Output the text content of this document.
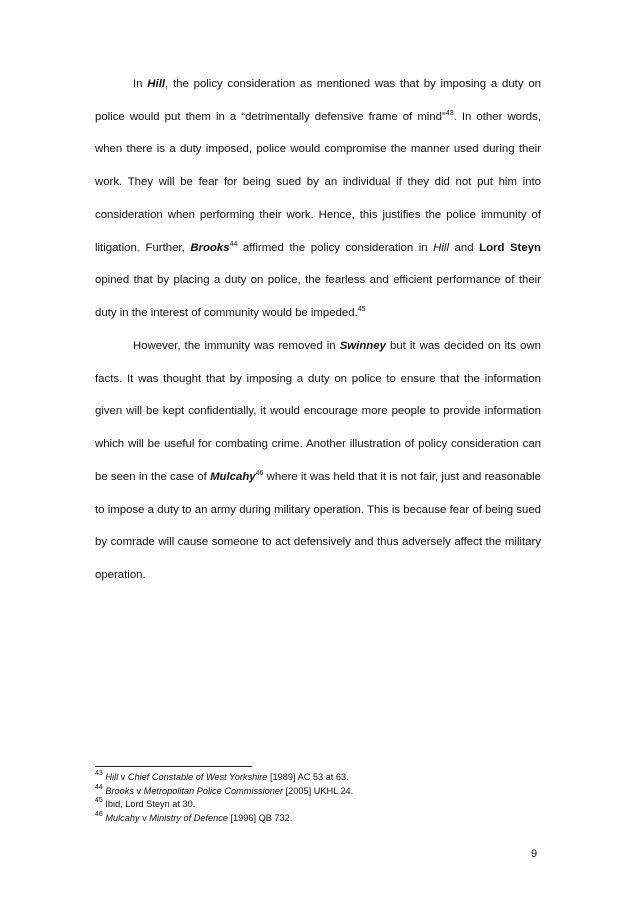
In Hill, the policy consideration as mentioned was that by imposing a duty on police would put them in a “detrimentally defensive frame of mind”$^{43}$. In other words, when there is a duty imposed, police would compromise the manner used during their work. They will be fear for being sued by an individual if they did not put him into consideration when performing their work. Hence, this justifies the police immunity of litigation. Further, Brooks$^{44}$ affirmed the policy consideration in Hill and Lord Steyn opined that by placing a duty on police, the fearless and efficient performance of their duty in the interest of community would be impeded.$^{45}$

However, the immunity was removed in Swinney but it was decided on its own facts. It was thought that by imposing a duty on police to ensure that the information given will be kept confidentially, it would encourage more people to provide information which will be useful for combating crime. Another illustration of policy consideration can be seen in the case of Mulcahy$^{46}$ where it was held that it is not fair, just and reasonable to impose a duty to an army during military operation. This is because fear of being sued by comrade will cause someone to act defensively and thus adversely affect the military operation.

$^{43}$ Hill v Chief Constable of West Yorkshire [1989] AC 53 at 63.
$^{44}$ Brooks v Metropolitan Police Commissioner [2005] UKHL 24.
$^{45}$ Ibid, Lord Steyn at 30.
$^{46}$ Mulcahy v Ministry of Defence [1996] QB 732.
9
